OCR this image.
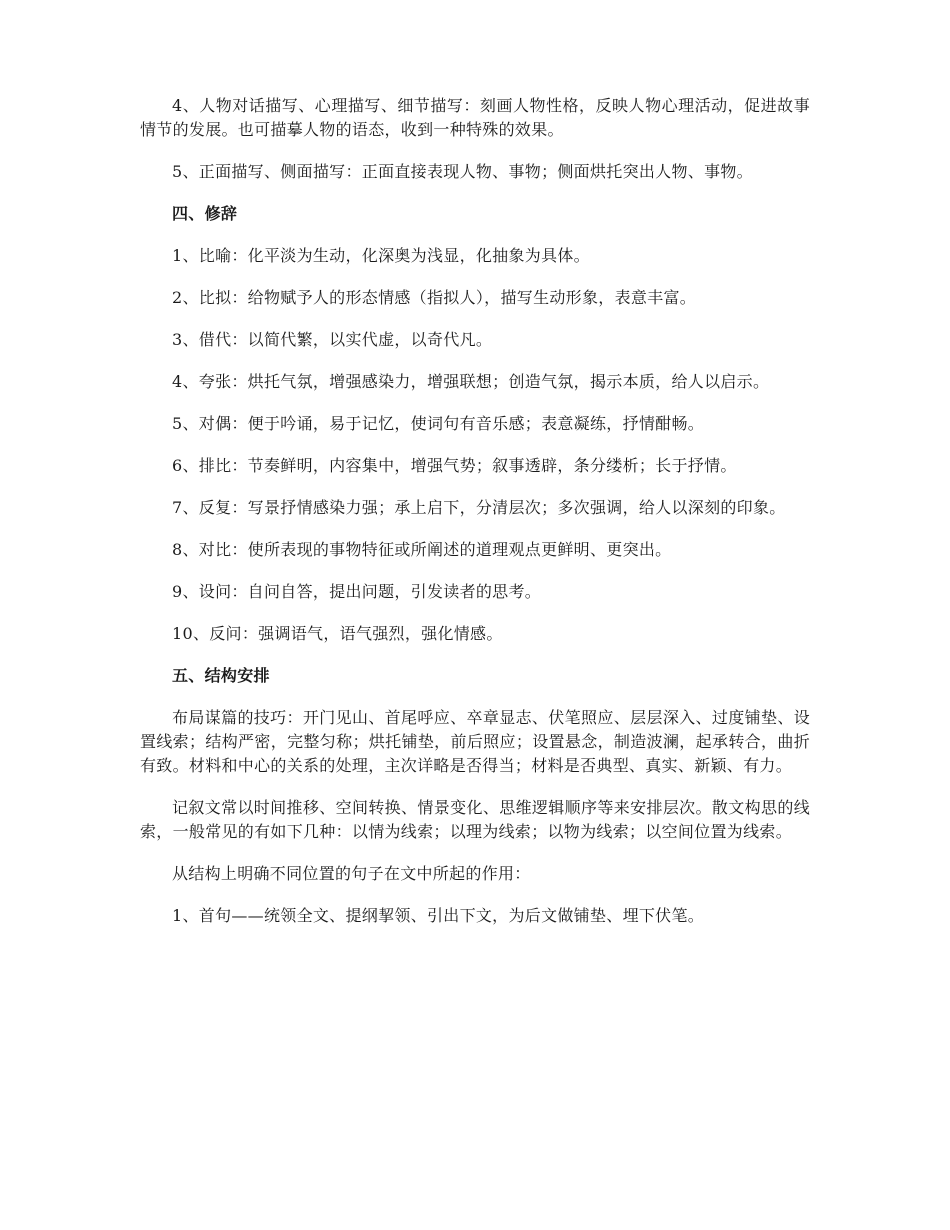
4、人物对话描写、心理描写、细节描写：刻画人物性格，反映人物心理活动，促进故事情节的发展。也可描摹人物的语态，收到一种特殊的效果。

5、正面描写、侧面描写：正面直接表现人物、事物；侧面烘托突出人物、事物。

四、修辞

1、比喻：化平淡为生动，化深奥为浅显，化抽象为具体。

2、比拟：给物赋予人的形态情感（指拟人），描写生动形象，表意丰富。

3、借代：以简代繁，以实代虚，以奇代凡。

4、夸张：烘托气氛，增强感染力，增强联想；创造气氛，揭示本质，给人以启示。

5、对偶：便于吟诵，易于记忆，使词句有音乐感；表意凝练，抒情酣畅。

6、排比：节奏鲜明，内容集中，增强气势；叙事透辟，条分缕析；长于抒情。

7、反复：写景抒情感染力强；承上启下，分清层次；多次强调，给人以深刻的印象。

8、对比：使所表现的事物特征或所阐述的道理观点更鲜明、更突出。

9、设问：自问自答，提出问题，引发读者的思考。

10、反问：强调语气，语气强烈，强化情感。

五、结构安排

布局谋篇的技巧：开门见山、首尾呼应、卒章显志、伏笔照应、层层深入、过度铺垫、设置线索；结构严密，完整匀称；烘托铺垫，前后照应；设置悬念，制造波澜，起承转合，曲折有致。材料和中心的关系的处理，主次详略是否得当；材料是否典型、真实、新颖、有力。

记叙文常以时间推移、空间转换、情景变化、思维逻辑顺序等来安排层次。散文构思的线索，一般常见的有如下几种：以情为线索；以理为线索；以物为线索；以空间位置为线索。

从结构上明确不同位置的句子在文中所起的作用：

1、首句——统领全文、提纲挈领、引出下文，为后文做铺垫、埋下伏笔。
